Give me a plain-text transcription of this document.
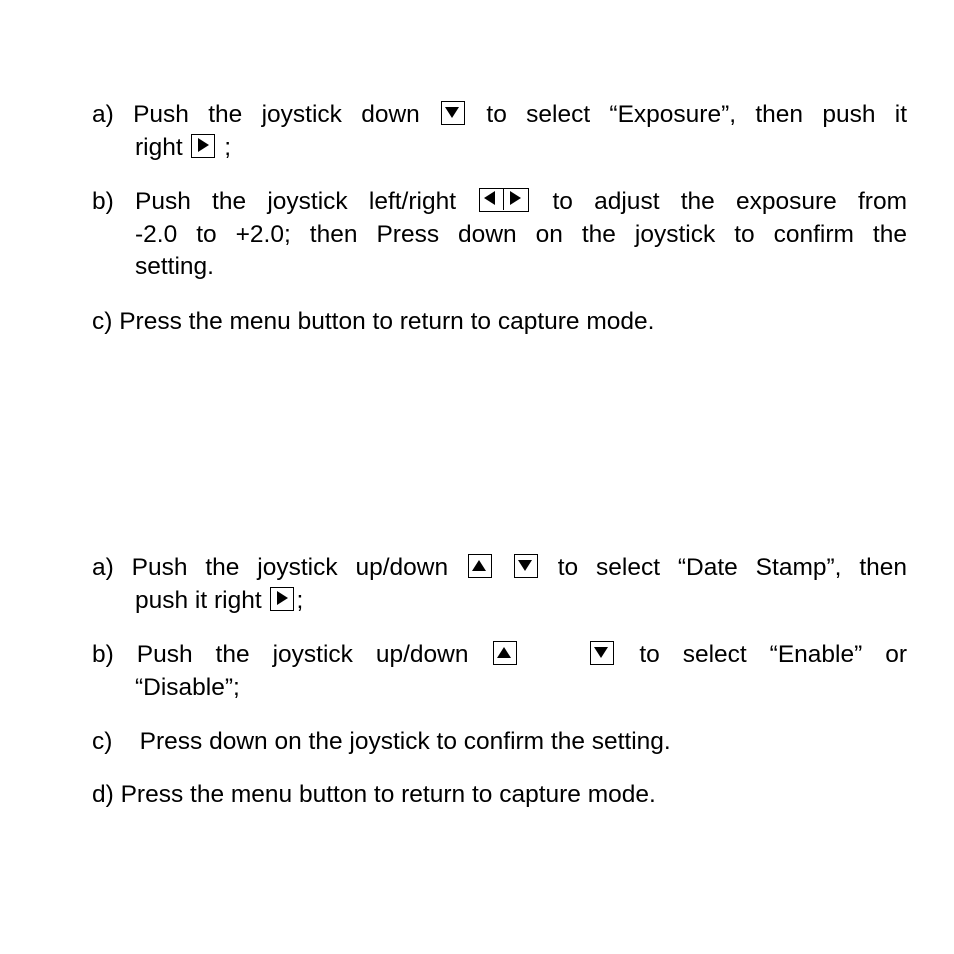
a) Push the joystick down	to select “Exposure”, then push it
right ;
b) Push the joystick left/right	to adjust the exposure from
-2.0 to +2.0; then Press down on the joystick to confirm the
setting.
c) Press the menu button to return to capture mode.
a) Push the joystick up/down	to select “Date Stamp”, then
push it right ;
b) Push the joystick up/down	to select “Enable” or
“Disable”;
c) Press down on the joystick to confirm the setting.
d) Press the menu button to return to capture mode.
